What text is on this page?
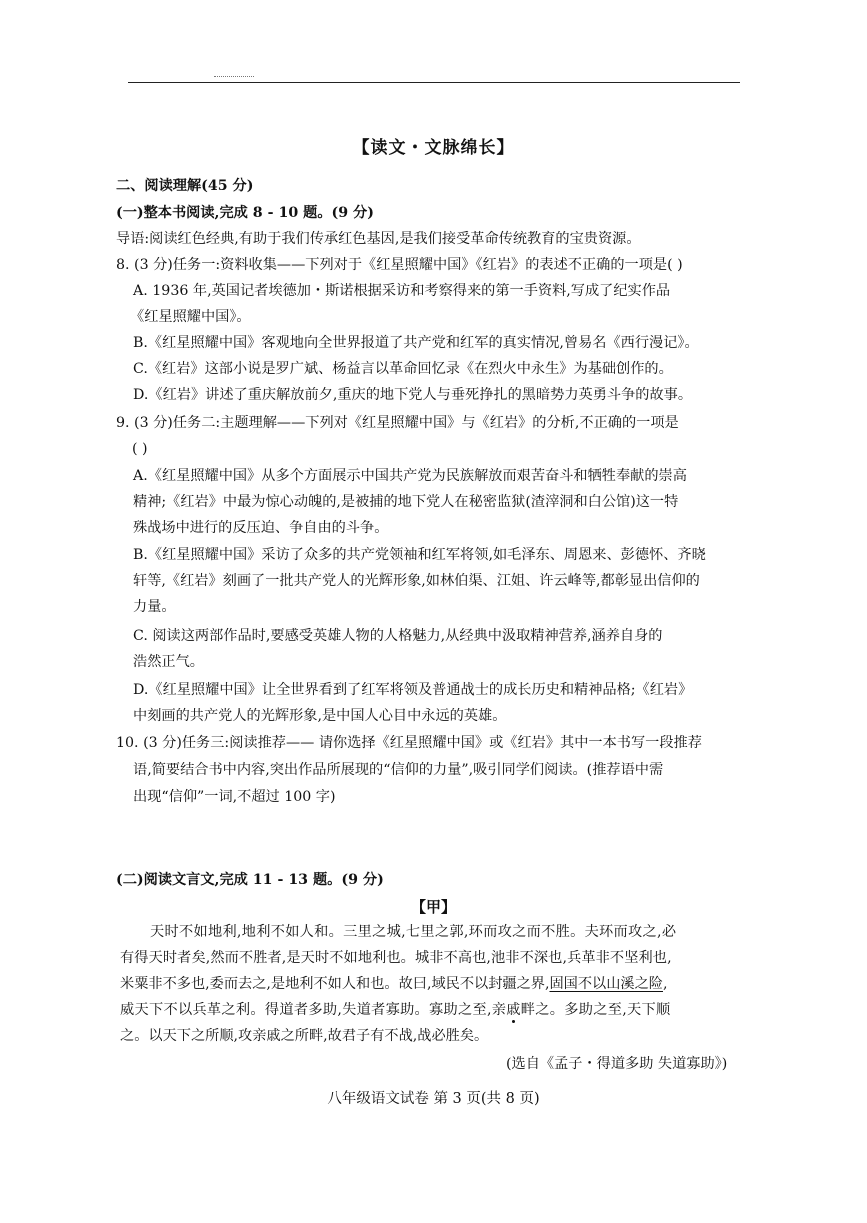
【读文・文脉绵长】
二、阅读理解(45 分)
(一)整本书阅读,完成 8 - 10 题。(9 分)
导语:阅读红色经典,有助于我们传承红色基因,是我们接受革命传统教育的宝贵资源。
8. (3 分)任务一:资料收集——下列对于《红星照耀中国》《红岩》的表述不正确的一项是( )
A. 1936 年,英国记者埃德加・斯诺根据采访和考察得来的第一手资料,写成了纪实作品
《红星照耀中国》。
B.《红星照耀中国》客观地向全世界报道了共产党和红军的真实情况,曾易名《西行漫记》。
C.《红岩》这部小说是罗广斌、杨益言以革命回忆录《在烈火中永生》为基础创作的。
D.《红岩》讲述了重庆解放前夕,重庆的地下党人与垂死挣扎的黑暗势力英勇斗争的故事。
9. (3 分)任务二:主题理解——下列对《红星照耀中国》与《红岩》的分析,不正确的一项是
( )
A.《红星照耀中国》从多个方面展示中国共产党为民族解放而艰苦奋斗和牺牲奉献的崇高
精神;《红岩》中最为惊心动魄的,是被捕的地下党人在秘密监狱(渣滓洞和白公馆)这一特
殊战场中进行的反压迫、争自由的斗争。
B.《红星照耀中国》采访了众多的共产党领袖和红军将领,如毛泽东、周恩来、彭德怀、齐晓
轩等,《红岩》刻画了一批共产党人的光辉形象,如林伯渠、江姐、许云峰等,都彰显出信仰的
力量。
C. 阅读这两部作品时,要感受英雄人物的人格魅力,从经典中汲取精神营养,涵养自身的
浩然正气。
D.《红星照耀中国》让全世界看到了红军将领及普通战士的成长历史和精神品格;《红岩》
中刻画的共产党人的光辉形象,是中国人心目中永远的英雄。
10. (3 分)任务三:阅读推荐—— 请你选择《红星照耀中国》或《红岩》其中一本书写一段推荐
语,简要结合书中内容,突出作品所展现的“信仰的力量”,吸引同学们阅读。(推荐语中需
出现“信仰”一词,不超过 100 字)
(二)阅读文言文,完成 11 - 13 题。(9 分)
【甲】
天时不如地利,地利不如人和。三里之城,七里之郭,环而攻之而不胜。夫环而攻之,必
有得天时者矣,然而不胜者,是天时不如地利也。城非不高也,池非不深也,兵革非不坚利也,
米粟非不多也,委而去之,是地利不如人和也。故曰,域民不以封疆之界,固国不以山溪之险,
威天下不以兵革之利。得道者多助,失道者寡助。寡助之至,亲戚畔之。多助之至,天下顺
之。以天下之所顺,攻亲戚之所畔,故君子有不战,战必胜矣。
(选自《孟子・得道多助 失道寡助》)
八年级语文试卷 第 3 页(共 8 页)
